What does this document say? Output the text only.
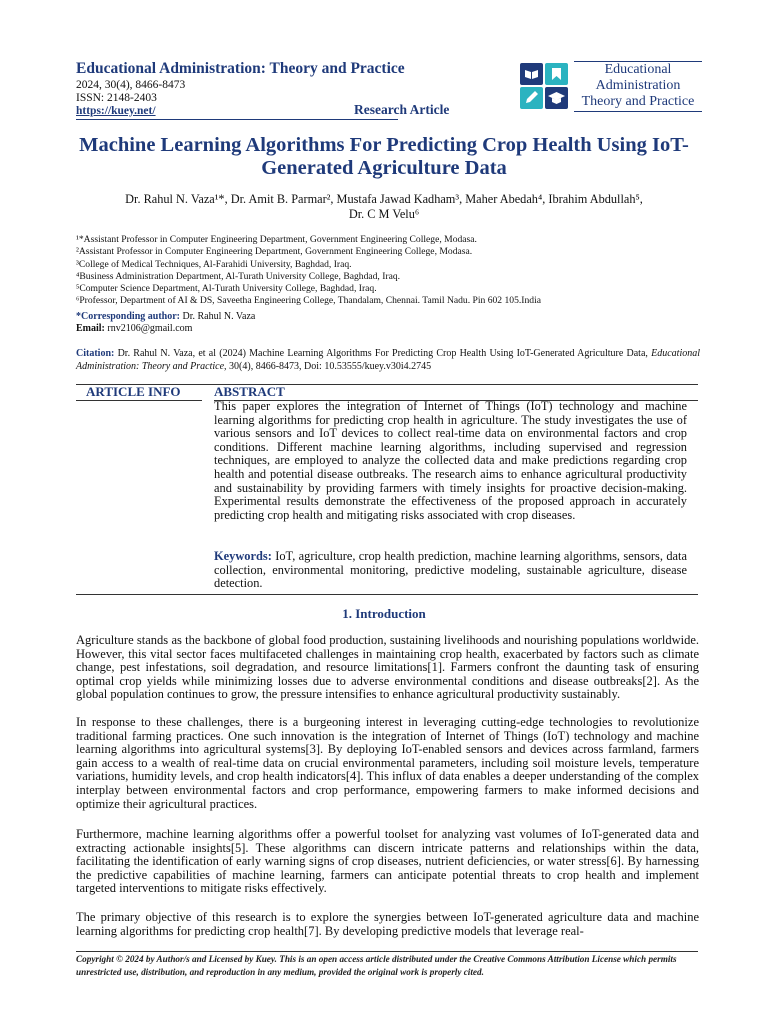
Educational Administration: Theory and Practice
2024, 30(4), 8466-8473
ISSN: 2148-2403
https://kuey.net/	Research Article
Educational
Administration
Theory and Practice
Machine Learning Algorithms For Predicting Crop Health Using IoT-Generated Agriculture Data
Dr. Rahul N. Vaza¹*, Dr. Amit B. Parmar², Mustafa Jawad Kadham³, Maher Abedah⁴, Ibrahim Abdullah⁵,
Dr. C M Velu⁶
¹*Assistant Professor in Computer Engineering Department, Government Engineering College, Modasa.
²Assistant Professor in Computer Engineering Department, Government Engineering College, Modasa.
³College of Medical Techniques, Al-Farahidi University, Baghdad, Iraq.
⁴Business Administration Department, Al-Turath University College, Baghdad, Iraq.
⁵Computer Science Department, Al-Turath University College, Baghdad, Iraq.
⁶Professor, Department of AI & DS, Saveetha Engineering College, Thandalam, Chennai. Tamil Nadu. Pin 602 105.India
*Corresponding author: Dr. Rahul N. Vaza
Email: rnv2106@gmail.com
Citation: Dr. Rahul N. Vaza, et al (2024) Machine Learning Algorithms For Predicting Crop Health Using IoT-Generated Agriculture Data, Educational Administration: Theory and Practice, 30(4), 8466-8473, Doi: 10.53555/kuey.v30i4.2745
ARTICLE INFO	ABSTRACT
This paper explores the integration of Internet of Things (IoT) technology and machine learning algorithms for predicting crop health in agriculture. The study investigates the use of various sensors and IoT devices to collect real-time data on environmental factors and crop conditions. Different machine learning algorithms, including supervised and regression techniques, are employed to analyze the collected data and make predictions regarding crop health and potential disease outbreaks. The research aims to enhance agricultural productivity and sustainability by providing farmers with timely insights for proactive decision-making. Experimental results demonstrate the effectiveness of the proposed approach in accurately predicting crop health and mitigating risks associated with crop diseases.
Keywords: IoT, agriculture, crop health prediction, machine learning algorithms, sensors, data collection, environmental monitoring, predictive modeling, sustainable agriculture, disease detection.
1. Introduction
Agriculture stands as the backbone of global food production, sustaining livelihoods and nourishing populations worldwide. However, this vital sector faces multifaceted challenges in maintaining crop health, exacerbated by factors such as climate change, pest infestations, soil degradation, and resource limitations[1]. Farmers confront the daunting task of ensuring optimal crop yields while minimizing losses due to adverse environmental conditions and disease outbreaks[2]. As the global population continues to grow, the pressure intensifies to enhance agricultural productivity sustainably.
In response to these challenges, there is a burgeoning interest in leveraging cutting-edge technologies to revolutionize traditional farming practices. One such innovation is the integration of Internet of Things (IoT) technology and machine learning algorithms into agricultural systems[3]. By deploying IoT-enabled sensors and devices across farmland, farmers gain access to a wealth of real-time data on crucial environmental parameters, including soil moisture levels, temperature variations, humidity levels, and crop health indicators[4]. This influx of data enables a deeper understanding of the complex interplay between environmental factors and crop performance, empowering farmers to make informed decisions and optimize their agricultural practices.
Furthermore, machine learning algorithms offer a powerful toolset for analyzing vast volumes of IoT-generated data and extracting actionable insights[5]. These algorithms can discern intricate patterns and relationships within the data, facilitating the identification of early warning signs of crop diseases, nutrient deficiencies, or water stress[6]. By harnessing the predictive capabilities of machine learning, farmers can anticipate potential threats to crop health and implement targeted interventions to mitigate risks effectively.
The primary objective of this research is to explore the synergies between IoT-generated agriculture data and machine learning algorithms for predicting crop health[7]. By developing predictive models that leverage real-
Copyright © 2024 by Author/s and Licensed by Kuey. This is an open access article distributed under the Creative Commons Attribution License which permits unrestricted use, distribution, and reproduction in any medium, provided the original work is properly cited.
